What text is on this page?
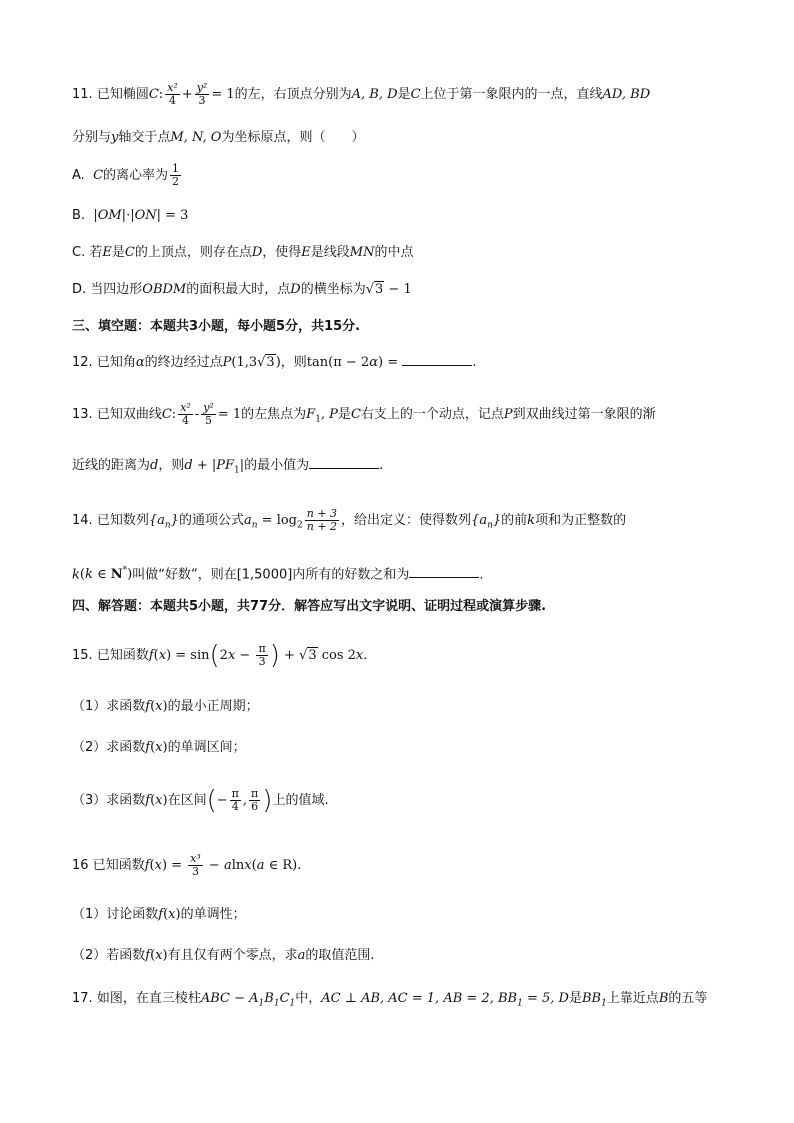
11. 已知椭圆C: $\frac{\text{x²}}{4} + \frac{\text{y²}}{3} = 1$的左，右顶点分别为A, B, D是C上位于第一象限内的一点，直线AD, BD
分别与y轴交于点M, N, O为坐标原点，则（　　）
A. C的离心率为 $\frac{1}{2}$
B. |OM|·|ON| = 3
C. 若E是C的上顶点，则存在点D，使得E是线段MN的中点
D. 当四边形OBDM的面积最大时，点D的横坐标为√3 − 1
三、填空题：本题共3小题，每小题5分，共15分.
12. 已知角α的终边经过点P(1,3√3)，则tan(π − 2α) =	.
13. 已知双曲线C: $\frac{\text{x²}}{4} - \frac{\text{y²}}{5} = 1$的左焦点为$F_1$, P是C右支上的一个动点，记点P到双曲线过第一象限的渐
近线的距离为d，则$d + |PF_1|$的最小值为	.
14. 已知数列$\{a_n\}$的通项公式$a_n = \log_2 \frac{n + 3}{n + 2}$ ，给出定义：使得数列$\{a_n\}$的前k项和为正整数的
k(k ∈ N*)叫做“好数”，则在[1,5000]内所有的好数之和为	.
四、解答题：本题共5小题，共77分．解答应写出文字说明、证明过程或演算步骤.
15. 已知函数$f(x) = \sin(2x - \frac{\pi}{3}$ ) + √3 cos 2x.
（1）求函数f(x)的最小正周期；
（2）求函数f(x)的单调区间；
（3）求函数f(x)在区间(− $\frac{\pi}{4}$ , $\frac{\pi}{6}$ )上的值域.
16 已知函数$f(x) = \frac{\text{x³}}{3} - alnx(a$ ∈ R).
（1）讨论函数f(x)的单调性；
（2）若函数f(x)有且仅有两个零点，求a的取值范围.
17. 如图，在直三棱柱ABC − $A_1B_1C_1$中，AC ⊥ AB, AC = 1, AB = 2, $BB_1 = 5$, D是$BB_1$上靠近点B的五等
